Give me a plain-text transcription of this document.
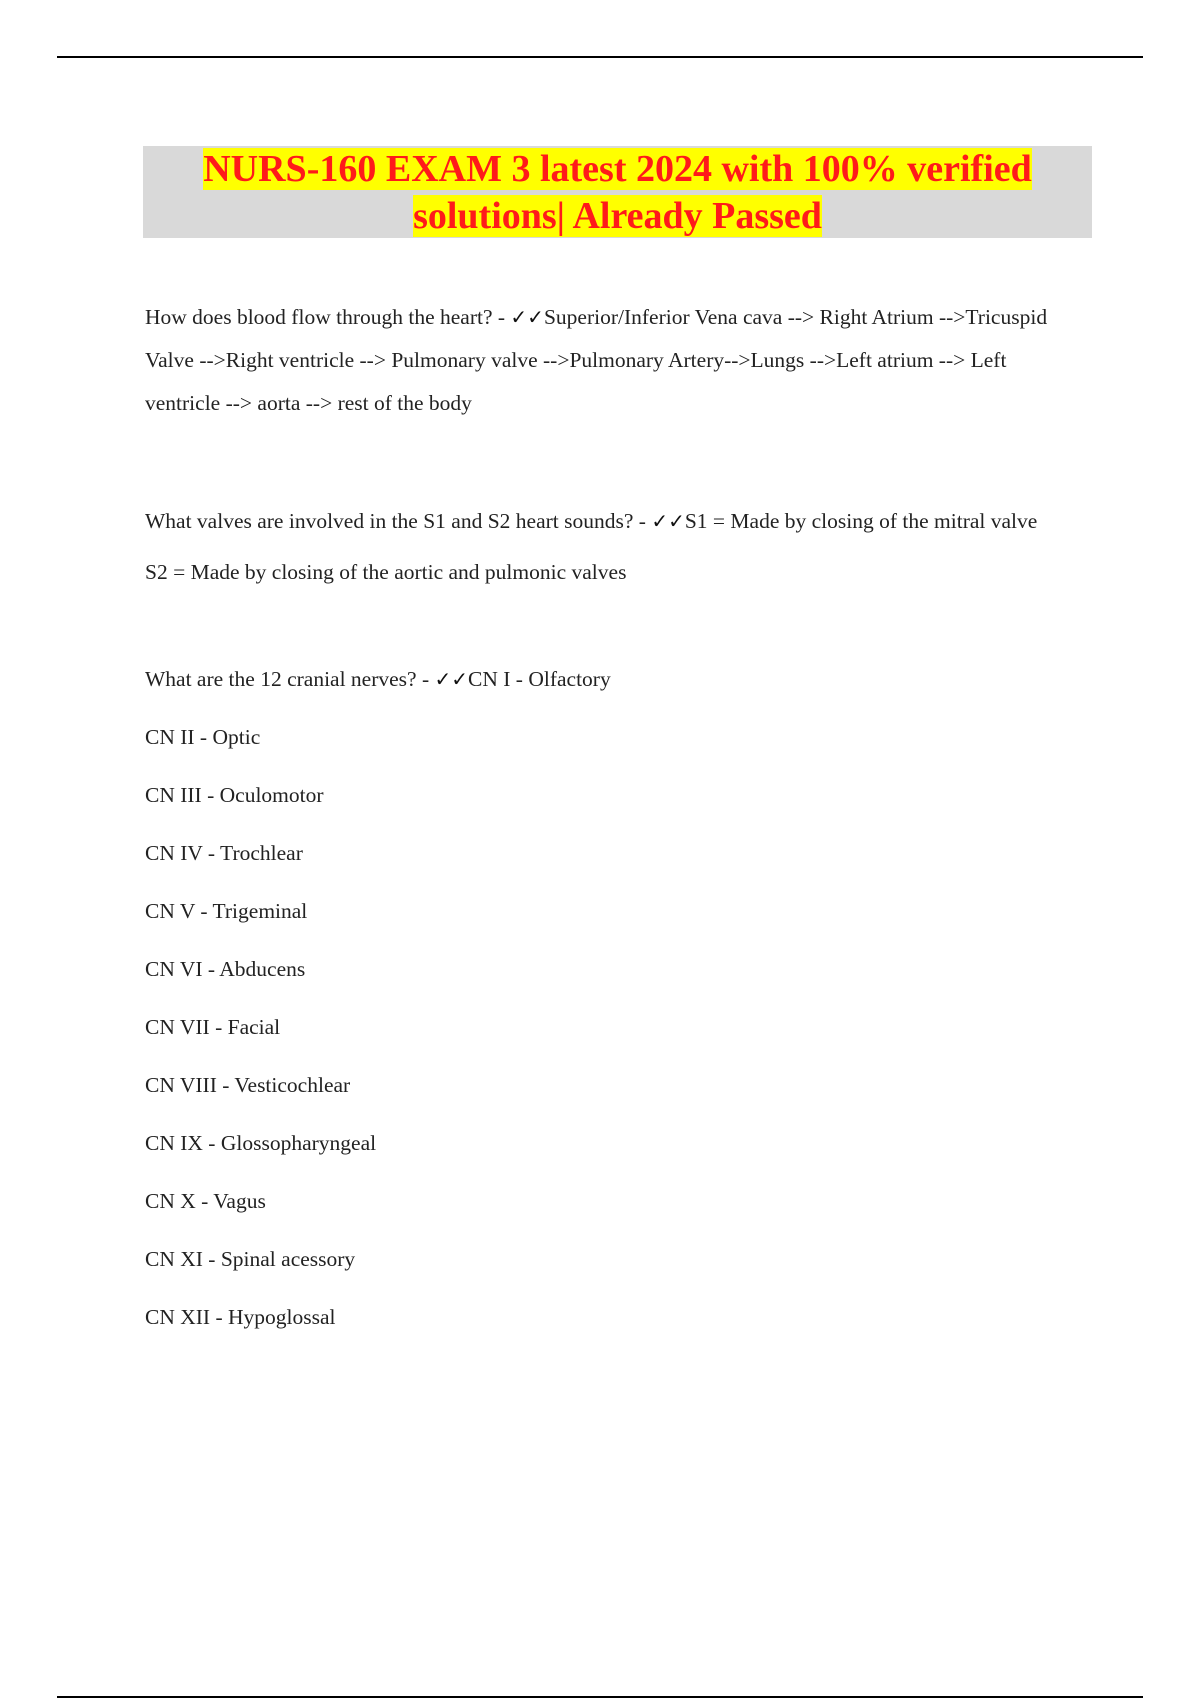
NURS-160 EXAM 3 latest 2024 with 100% verified
solutions| Already Passed

How does blood flow through the heart? - ✓✓Superior/Inferior Vena cava --> Right Atrium -->Tricuspid Valve -->Right ventricle --> Pulmonary valve -->Pulmonary Artery-->Lungs -->Left atrium --> Left ventricle --> aorta --> rest of the body

What valves are involved in the S1 and S2 heart sounds? - ✓✓S1 = Made by closing of the mitral valve

S2 = Made by closing of the aortic and pulmonic valves

What are the 12 cranial nerves? - ✓✓CN I - Olfactory

CN II - Optic

CN III - Oculomotor

CN IV - Trochlear

CN V - Trigeminal

CN VI - Abducens

CN VII - Facial

CN VIII - Vesticochlear

CN IX - Glossopharyngeal

CN X - Vagus

CN XI - Spinal acessory

CN XII - Hypoglossal
